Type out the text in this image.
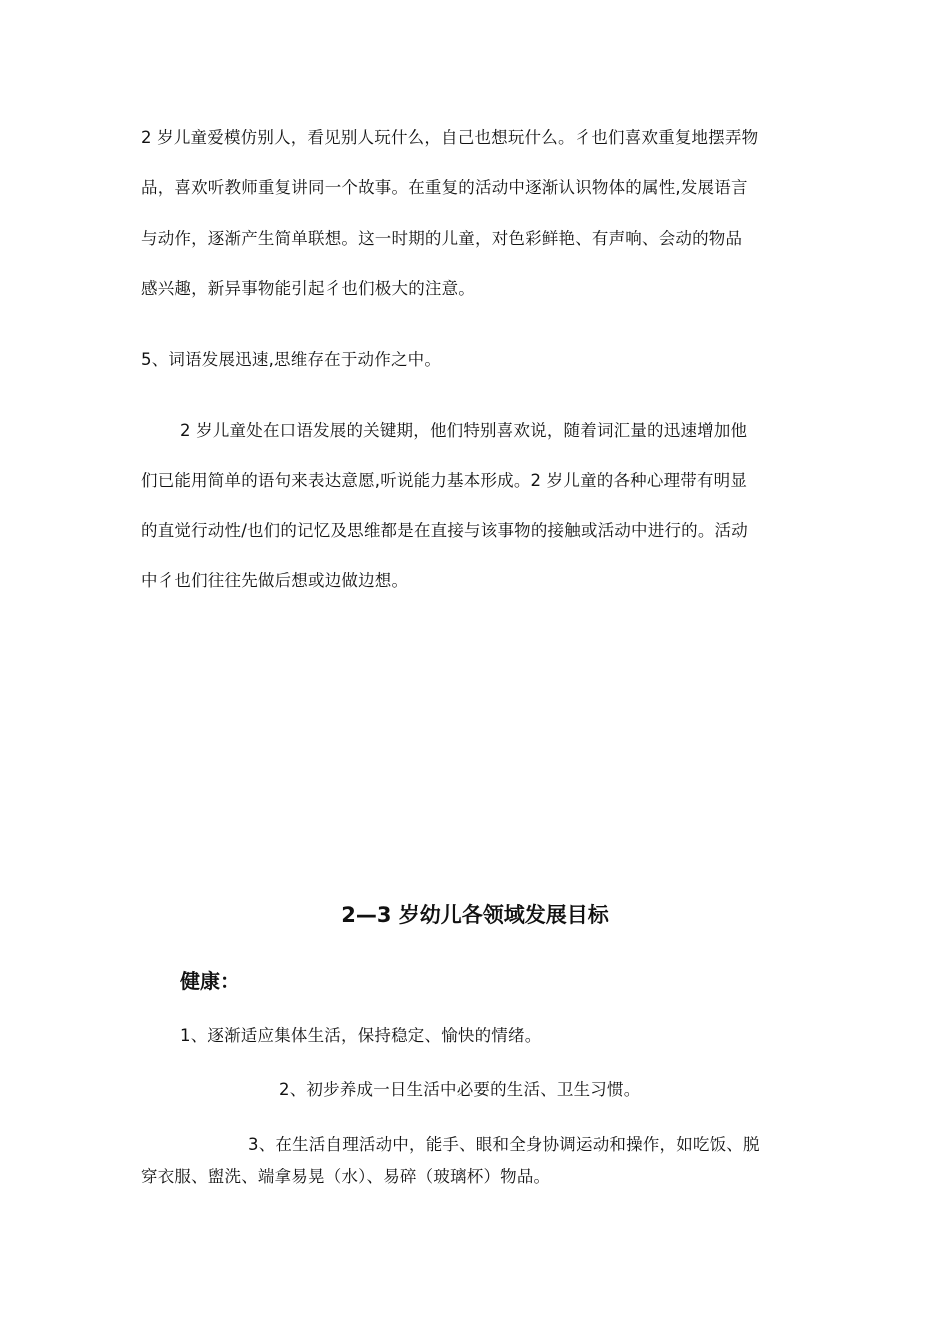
2 岁儿童爱模仿别人，看见别人玩什么，自己也想玩什么。彳也们喜欢重复地摆弄物
品，喜欢听教师重复讲同一个故事。在重复的活动中逐渐认识物体的属性,发展语言
与动作，逐渐产生简单联想。这一时期的儿童，对色彩鲜艳、有声响、会动的物品
感兴趣，新异事物能引起彳也们极大的注意。
5、词语发展迅速,思维存在于动作之中。
2 岁儿童处在口语发展的关键期，他们特别喜欢说，随着词汇量的迅速增加他
们已能用简单的语句来表达意愿,听说能力基本形成。2 岁儿童的各种心理带有明显
的直觉行动性/也们的记忆及思维都是在直接与该事物的接触或活动中进行的。活动
中彳也们往往先做后想或边做边想。
2—3 岁幼儿各领域发展目标
健康：
1、逐渐适应集体生活，保持稳定、愉快的情绪。
2、初步养成一日生活中必要的生活、卫生习惯。
3、在生活自理活动中，能手、眼和全身协调运动和操作，如吃饭、脱
穿衣服、盥洗、端拿易晃（水）、易碎（玻璃杯）物品。
